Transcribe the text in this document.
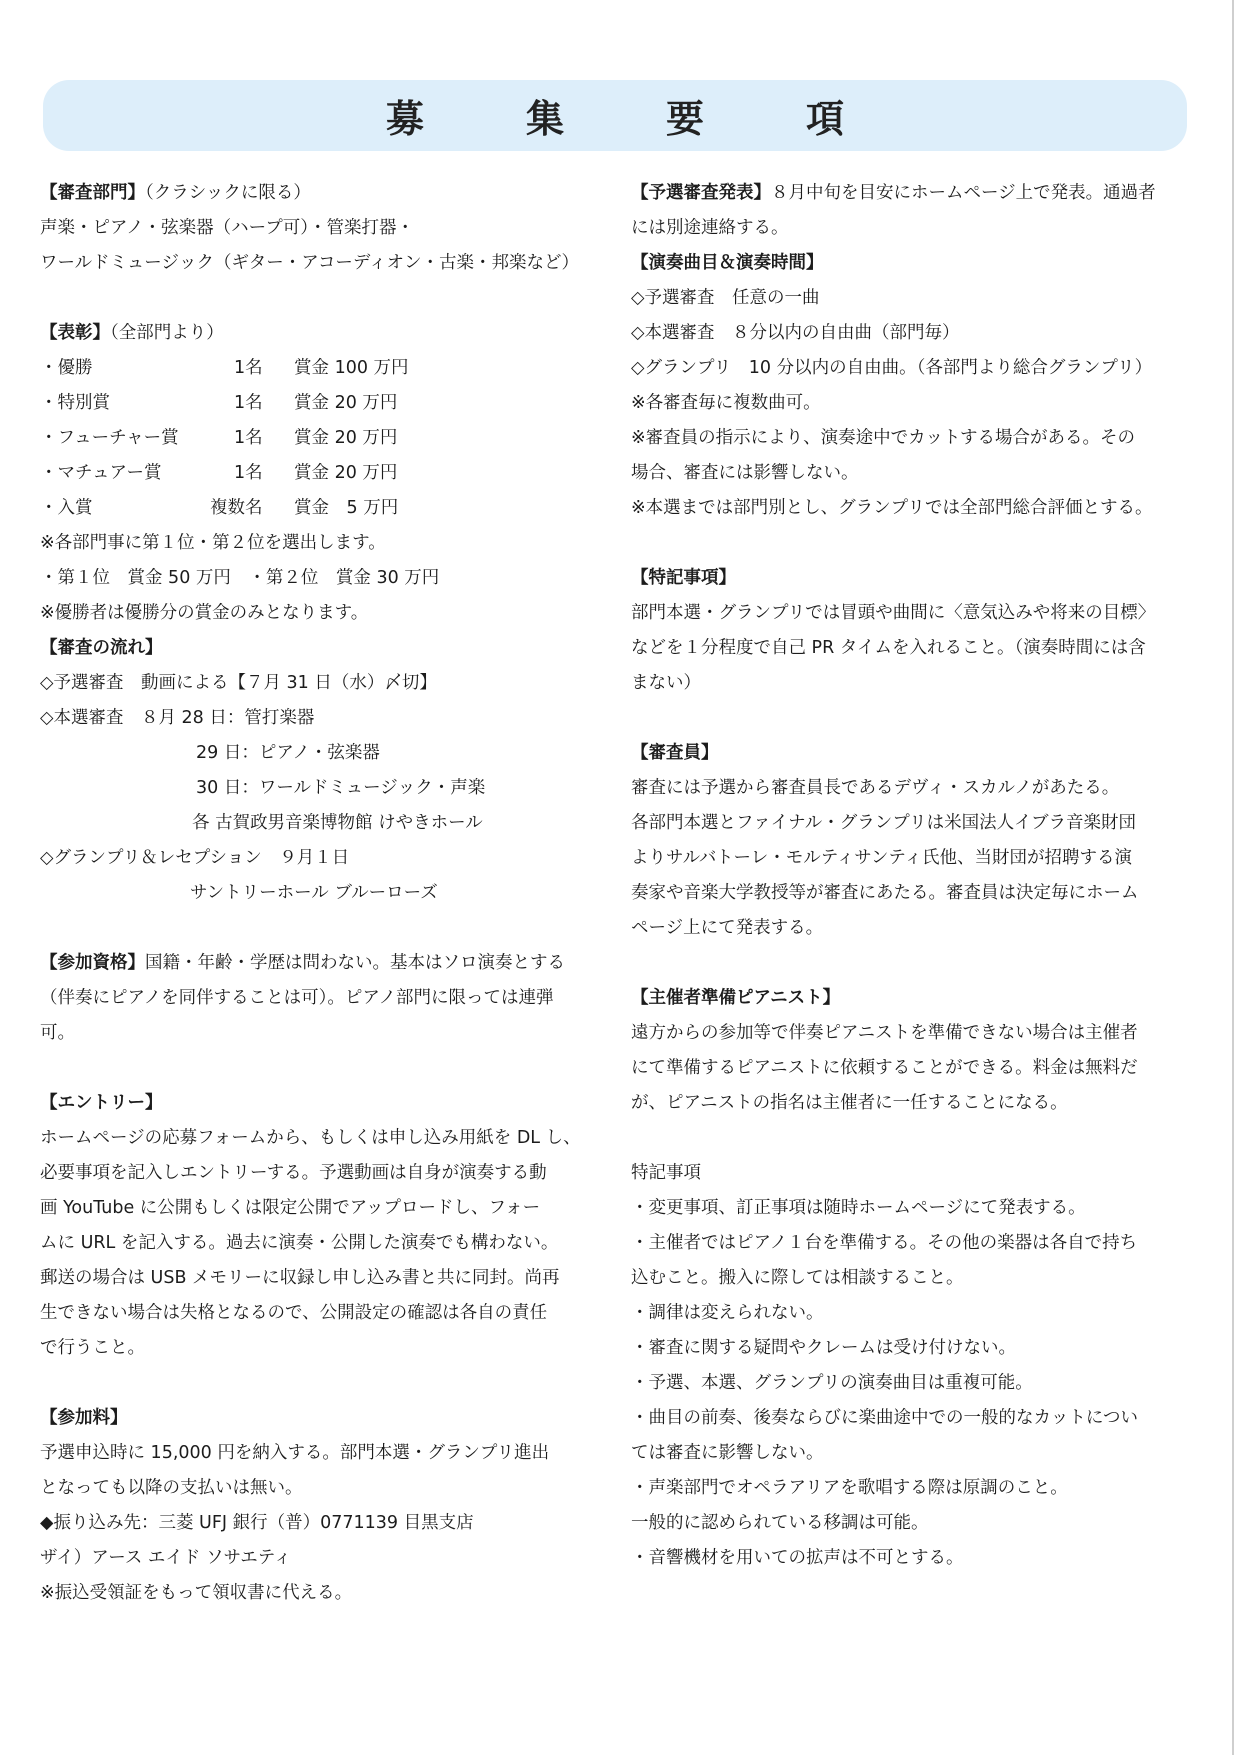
募　集　要　項
【審査部門】（クラシックに限る）
声楽・ピアノ・弦楽器（ハープ可）・管楽打器・
ワールドミュージック（ギター・アコーディオン・古楽・邦楽など）
【表彰】（全部門より）
・優勝	1名	賞金 100 万円
・特別賞	1名	賞金 20 万円
・フューチャー賞	1名	賞金 20 万円
・マチュアー賞	1名	賞金 20 万円
・入賞	複数名	賞金　5 万円
※各部門事に第１位・第２位を選出します。
・第１位　賞金 50 万円　・第２位　賞金 30 万円
※優勝者は優勝分の賞金のみとなります。
【審査の流れ】
◇予選審査　動画による【７月 31 日（水）〆切】
◇本選審査　８月 28 日：管打楽器
29 日：ピアノ・弦楽器
30 日：ワールドミュージック・声楽
各 古賀政男音楽博物館 けやきホール
◇グランプリ＆レセプション　９月１日
サントリーホール ブルーローズ
【参加資格】国籍・年齢・学歴は問わない。基本はソロ演奏とする
（伴奏にピアノを同伴することは可）。ピアノ部門に限っては連弾
可。
【エントリー】
ホームページの応募フォームから、もしくは申し込み用紙を DL し、
必要事項を記入しエントリーする。予選動画は自身が演奏する動
画 YouTube に公開もしくは限定公開でアップロードし、フォー
ムに URL を記入する。過去に演奏・公開した演奏でも構わない。
郵送の場合は USB メモリーに収録し申し込み書と共に同封。尚再
生できない場合は失格となるので、公開設定の確認は各自の責任
で行うこと。
【参加料】
予選申込時に 15,000 円を納入する。部門本選・グランプリ進出
となっても以降の支払いは無い。
◆振り込み先：三菱 UFJ 銀行（普）0771139 目黒支店
ザイ）アース エイド ソサエティ
※振込受領証をもって領収書に代える。
【予選審査発表】８月中旬を目安にホームページ上で発表。通過者
には別途連絡する。
【演奏曲目＆演奏時間】
◇予選審査　任意の一曲
◇本選審査　８分以内の自由曲（部門毎）
◇グランプリ　10 分以内の自由曲。（各部門より総合グランプリ）
※各審査毎に複数曲可。
※審査員の指示により、演奏途中でカットする場合がある。その
場合、審査には影響しない。
※本選までは部門別とし、グランプリでは全部門総合評価とする。
【特記事項】
部門本選・グランプリでは冒頭や曲間に〈意気込みや将来の目標〉
などを１分程度で自己 PR タイムを入れること。（演奏時間には含
まない）
【審査員】
審査には予選から審査員長であるデヴィ・スカルノがあたる。
各部門本選とファイナル・グランプリは米国法人イブラ音楽財団
よりサルバトーレ・モルティサンティ氏他、当財団が招聘する演
奏家や音楽大学教授等が審査にあたる。審査員は決定毎にホーム
ページ上にて発表する。
【主催者準備ピアニスト】
遠方からの参加等で伴奏ピアニストを準備できない場合は主催者
にて準備するピアニストに依頼することができる。料金は無料だ
が、ピアニストの指名は主催者に一任することになる。
特記事項
・変更事項、訂正事項は随時ホームページにて発表する。
・主催者ではピアノ１台を準備する。その他の楽器は各自で持ち
込むこと。搬入に際しては相談すること。
・調律は変えられない。
・審査に関する疑問やクレームは受け付けない。
・予選、本選、グランプリの演奏曲目は重複可能。
・曲目の前奏、後奏ならびに楽曲途中での一般的なカットについ
ては審査に影響しない。
・声楽部門でオペラアリアを歌唱する際は原調のこと。
一般的に認められている移調は可能。
・音響機材を用いての拡声は不可とする。
